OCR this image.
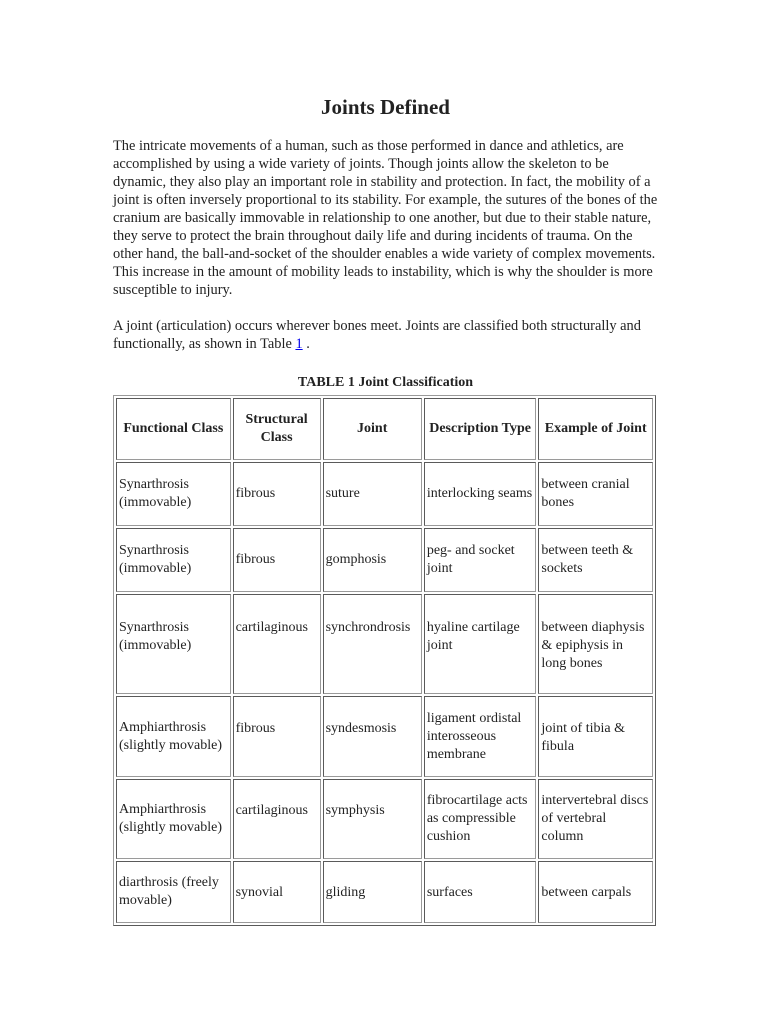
Joints Defined

The intricate movements of a human, such as those performed in dance and athletics, are accomplished by using a wide variety of joints. Though joints allow the skeleton to be dynamic, they also play an important role in stability and protection. In fact, the mobility of a joint is often inversely proportional to its stability. For example, the sutures of the bones of the cranium are basically immovable in relationship to one another, but due to their stable nature, they serve to protect the brain throughout daily life and during incidents of trauma. On the other hand, the ball-and-socket of the shoulder enables a wide variety of complex movements. This increase in the amount of mobility leads to instability, which is why the shoulder is more susceptible to injury.

A joint (articulation) occurs wherever bones meet. Joints are classified both structurally and functionally, as shown in Table 1 .

TABLE 1 Joint Classification
Functional Class	Structural Class	Joint	Description Type	Example of Joint
Synarthrosis (immovable)	fibrous	suture	interlocking seams	between cranial bones
Synarthrosis (immovable)	fibrous	gomphosis	peg- and socket joint	between teeth & sockets
Synarthrosis (immovable)	cartilaginous	synchrondrosis	hyaline cartilage joint	between diaphysis & epiphysis in long bones
Amphiarthrosis (slightly movable)	fibrous	syndesmosis	ligament ordistal interosseous membrane	joint of tibia & fibula
Amphiarthrosis (slightly movable)	cartilaginous	symphysis	fibrocartilage acts as compressible cushion	intervertebral discs of vertebral column
diarthrosis (freely movable)	synovial	gliding	surfaces	between carpals
